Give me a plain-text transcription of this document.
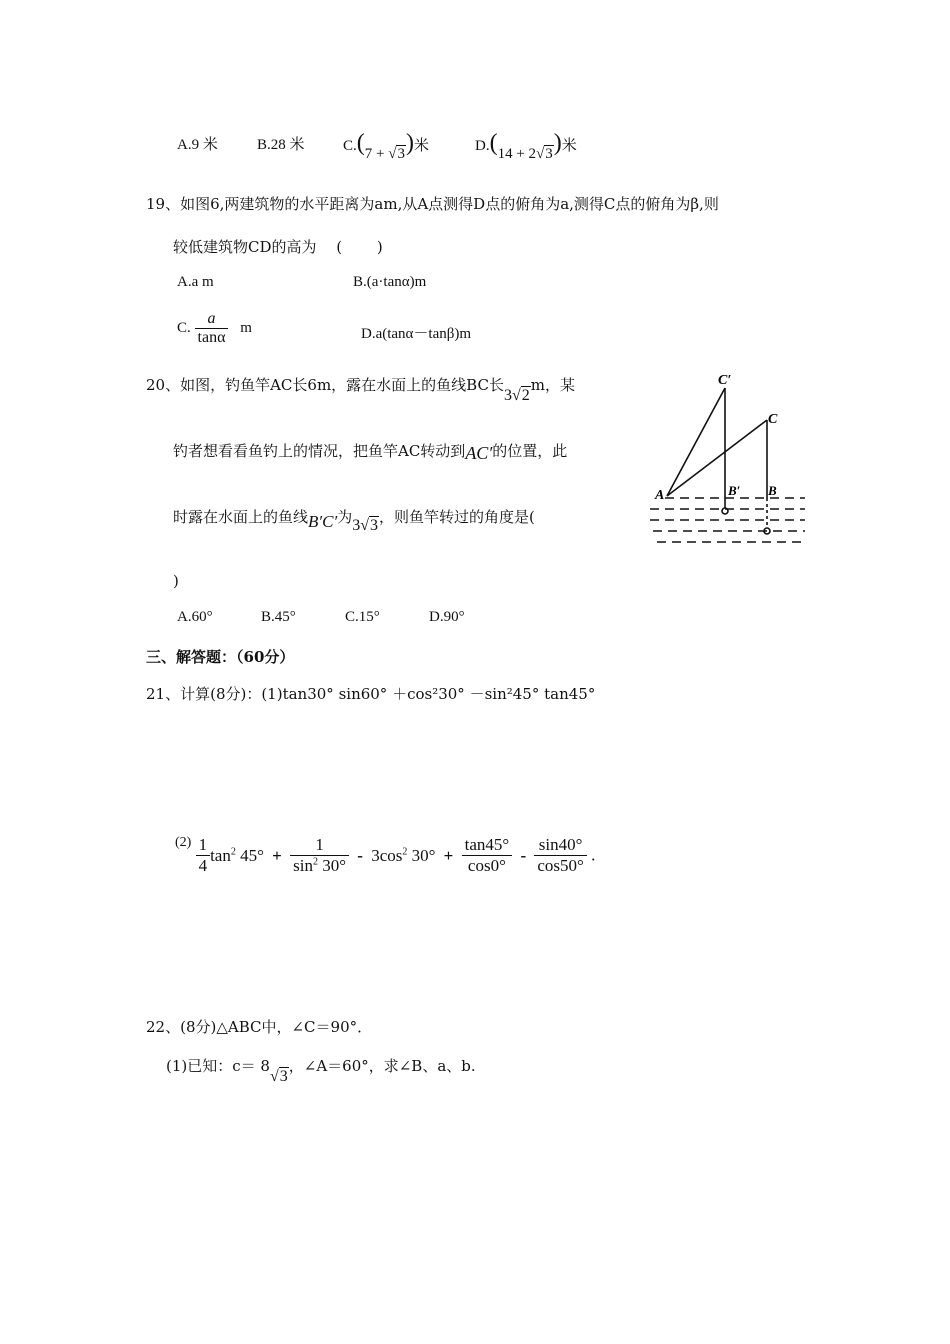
A.9 米	B.28 米	C.(7 + √3)米	D.(14 + 2√3)米
19、如图6,两建筑物的水平距离为am,从A点测得D点的俯角为a,测得C点的俯角为β,则
较低建筑物CD的高为　 (　 　)
A.a m	B.(a·tanα)m
C. $\frac{a}{\tan\alpha}$ m	D.a(tanα－tanβ)m
20、如图，钓鱼竿AC长6m，露在水面上的鱼线BC长3√2m，某
钓者想看看鱼钓上的情况，把鱼竿AC转动到AC′的位置，此
时露在水面上的鱼线B′C′为3√3，则鱼竿转过的角度是(
)
A.60°	B.45°	C.15°	D.90°
C′
C
A	B′ B
三、解答题：（60分）
21、计算(8分)：(1)tan30° sin60° ＋cos²30° －sin²45° tan45°
$^{(2)} \frac{1}{4} \tan^2 45^\circ + \frac{1}{\sin^2 30^\circ} - 3\cos^2$ $30^\circ + \frac{\tan 45^\circ}{\cos 0^\circ} - \frac{\sin 40^\circ}{\cos 50^\circ}$ .
22、(8分)△ABC中，∠C＝90°．
(1)已知：c＝ 8√3，∠A＝60°，求∠B、a、b.
